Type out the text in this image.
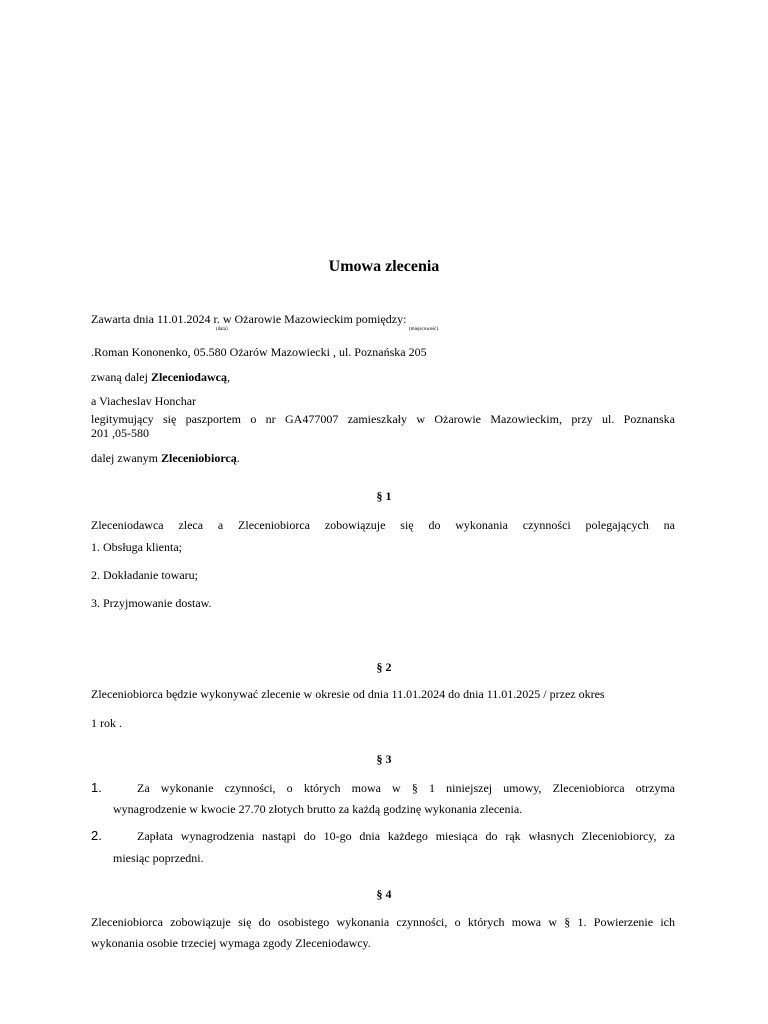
Umowa zlecenia
Zawarta dnia 11.01.2024 r. w Ożarowie Mazowieckim pomiędzy:
(data)	(miejscowość)
.Roman Kononenko, 05.580 Ożarów Mazowiecki , ul. Poznańska 205
zwaną dalej Zleceniodawcą,
a Viacheslav Honchar
legitymujący się paszportem o nr GA477007 zamieszkały w Ożarowie Mazowieckim, przy ul. Poznanska
201 ,05-580
dalej zwanym Zleceniobiorcą.
§ 1
Zleceniodawca zleca a Zleceniobiorca zobowiązuje się do wykonania czynności polegających na
1. Obsługa klienta;
2. Dokładanie towaru;
3. Przyjmowanie dostaw.
§ 2
Zleceniobiorca będzie wykonywać zlecenie w okresie od dnia 11.01.2024 do dnia 11.01.2025 / przez okres
1 rok .
§ 3
1.	Za wykonanie czynności, o których mowa w § 1 niniejszej umowy, Zleceniobiorca otrzyma
wynagrodzenie w kwocie 27.70 złotych brutto za każdą godzinę wykonania zlecenia.
2.	Zapłata wynagrodzenia nastąpi do 10-go dnia każdego miesiąca do rąk własnych Zleceniobiorcy, za
miesiąc poprzedni.
§ 4
Zleceniobiorca zobowiązuje się do osobistego wykonania czynności, o których mowa w § 1. Powierzenie ich
wykonania osobie trzeciej wymaga zgody Zleceniodawcy.
